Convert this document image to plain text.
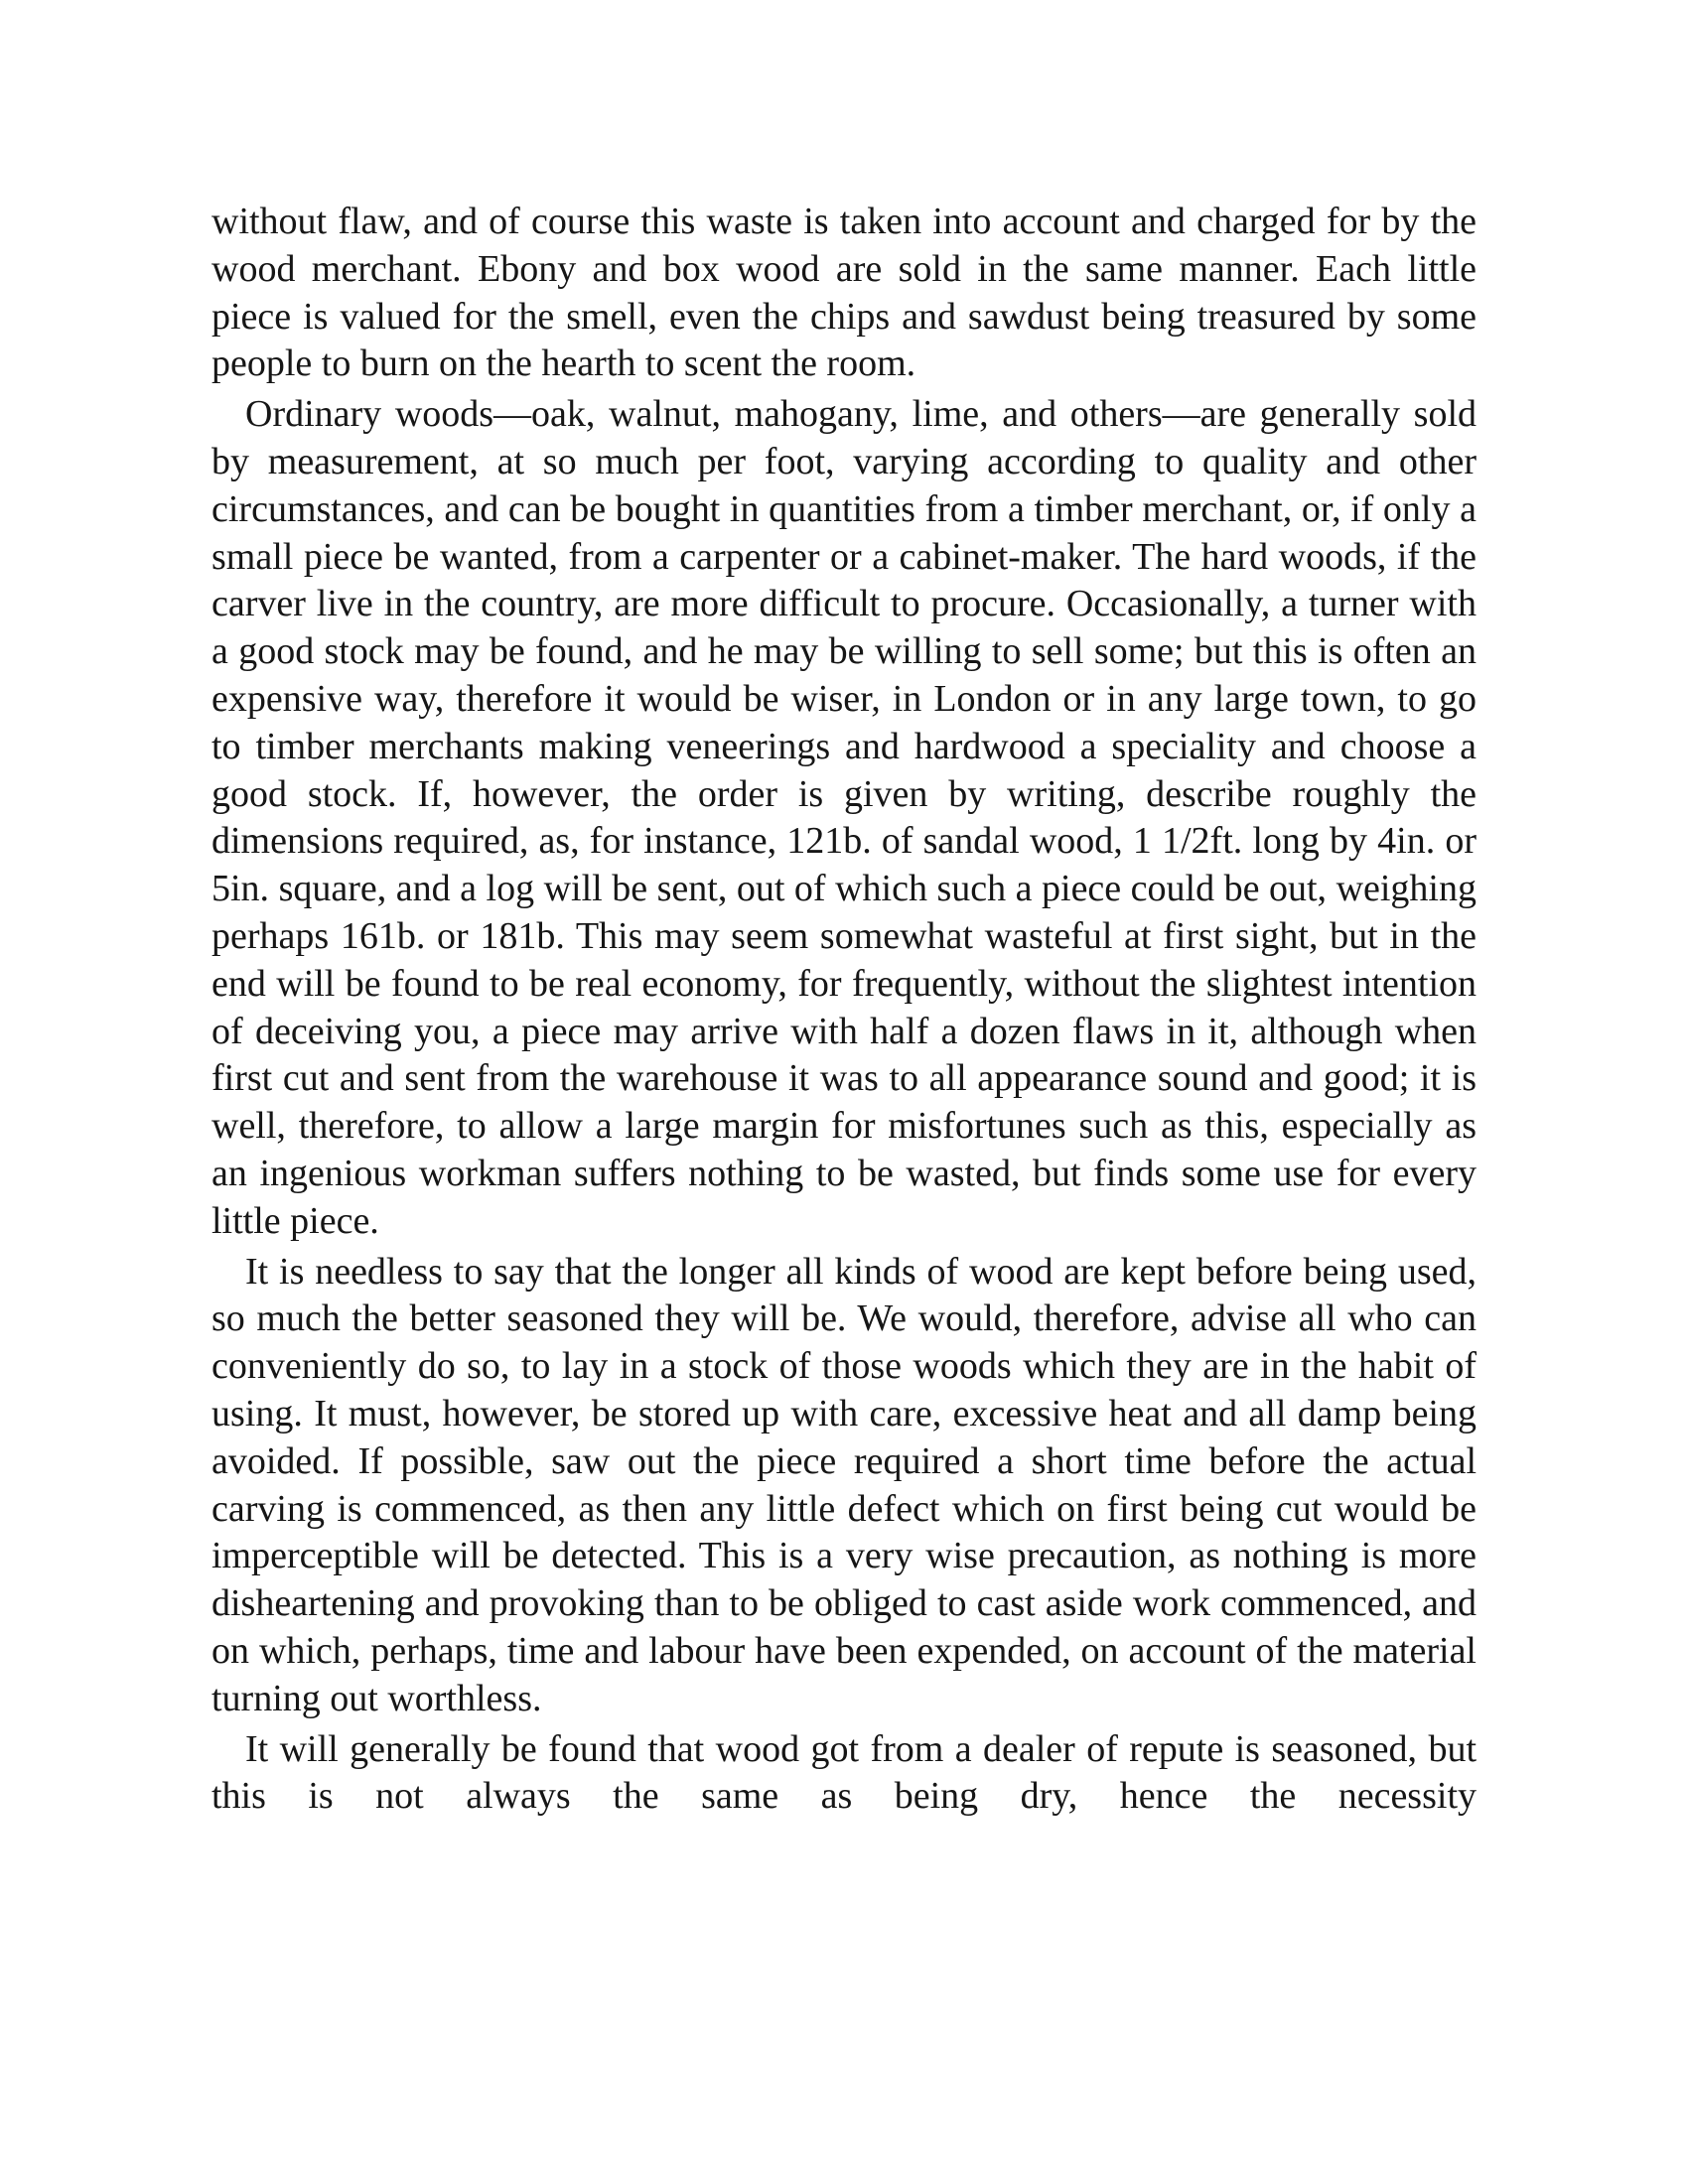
without flaw, and of course this waste is taken into account and charged for by the wood merchant. Ebony and box wood are sold in the same manner. Each little piece is valued for the smell, even the chips and sawdust being treasured by some people to burn on the hearth to scent the room.

Ordinary woods—oak, walnut, mahogany, lime, and others—are generally sold by measurement, at so much per foot, varying according to quality and other circumstances, and can be bought in quantities from a timber merchant, or, if only a small piece be wanted, from a carpenter or a cabinet-maker. The hard woods, if the carver live in the country, are more difficult to procure. Occasionally, a turner with a good stock may be found, and he may be willing to sell some; but this is often an expensive way, therefore it would be wiser, in London or in any large town, to go to timber merchants making veneerings and hardwood a speciality and choose a good stock. If, however, the order is given by writing, describe roughly the dimensions required, as, for instance, 121b. of sandal wood, 1 1/2ft. long by 4in. or 5in. square, and a log will be sent, out of which such a piece could be out, weighing perhaps 161b. or 181b. This may seem somewhat wasteful at first sight, but in the end will be found to be real economy, for frequently, without the slightest intention of deceiving you, a piece may arrive with half a dozen flaws in it, although when first cut and sent from the warehouse it was to all appearance sound and good; it is well, therefore, to allow a large margin for misfortunes such as this, especially as an ingenious workman suffers nothing to be wasted, but finds some use for every little piece.

It is needless to say that the longer all kinds of wood are kept before being used, so much the better seasoned they will be. We would, therefore, advise all who can conveniently do so, to lay in a stock of those woods which they are in the habit of using. It must, however, be stored up with care, excessive heat and all damp being avoided. If possible, saw out the piece required a short time before the actual carving is commenced, as then any little defect which on first being cut would be imperceptible will be detected. This is a very wise precaution, as nothing is more disheartening and provoking than to be obliged to cast aside work commenced, and on which, perhaps, time and labour have been expended, on account of the material turning out worthless.

It will generally be found that wood got from a dealer of repute is seasoned, but this is not always the same as being dry, hence the necessity
